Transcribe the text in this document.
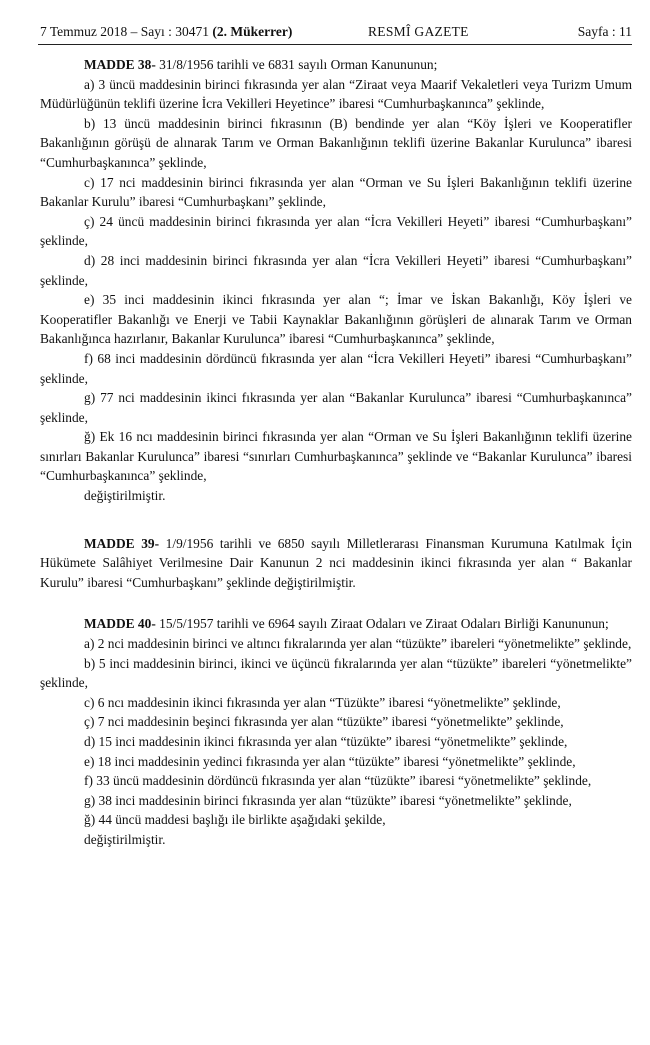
7 Temmuz 2018 – Sayı : 30471 (2. Mükerrer)	RESMÎ GAZETE	Sayfa : 11

MADDE 38- 31/8/1956 tarihli ve 6831 sayılı Orman Kanununun;

a) 3 üncü maddesinin birinci fıkrasında yer alan “Ziraat veya Maarif Vekaletleri veya Turizm Umum Müdürlüğünün teklifi üzerine İcra Vekilleri Heyetince” ibaresi “Cumhurbaşkanınca” şeklinde,

b) 13 üncü maddesinin birinci fıkrasının (B) bendinde yer alan “Köy İşleri ve Kooperatifler Bakanlığının görüşü de alınarak Tarım ve Orman Bakanlığının teklifi üzerine Bakanlar Kurulunca” ibaresi “Cumhurbaşkanınca” şeklinde,

c) 17 nci maddesinin birinci fıkrasında yer alan “Orman ve Su İşleri Bakanlığının teklifi üzerine Bakanlar Kurulu” ibaresi “Cumhurbaşkanı” şeklinde,

ç) 24 üncü maddesinin birinci fıkrasında yer alan “İcra Vekilleri Heyeti” ibaresi “Cumhurbaşkanı” şeklinde,

d) 28 inci maddesinin birinci fıkrasında yer alan “İcra Vekilleri Heyeti” ibaresi “Cumhurbaşkanı” şeklinde,

e) 35 inci maddesinin ikinci fıkrasında yer alan “; İmar ve İskan Bakanlığı, Köy İşleri ve Kooperatifler Bakanlığı ve Enerji ve Tabii Kaynaklar Bakanlığının görüşleri de alınarak Tarım ve Orman Bakanlığınca hazırlanır, Bakanlar Kurulunca” ibaresi “Cumhurbaşkanınca” şeklinde,

f) 68 inci maddesinin dördüncü fıkrasında yer alan “İcra Vekilleri Heyeti” ibaresi “Cumhurbaşkanı” şeklinde,

g) 77 nci maddesinin ikinci fıkrasında yer alan “Bakanlar Kurulunca” ibaresi “Cumhurbaşkanınca” şeklinde,

ğ) Ek 16 ncı maddesinin birinci fıkrasında yer alan “Orman ve Su İşleri Bakanlığının teklifi üzerine sınırları Bakanlar Kurulunca” ibaresi “sınırları Cumhurbaşkanınca” şeklinde ve “Bakanlar Kurulunca” ibaresi “Cumhurbaşkanınca” şeklinde,

değiştirilmiştir.

MADDE 39- 1/9/1956 tarihli ve 6850 sayılı Milletlerarası Finansman Kurumuna Katılmak İçin Hükümete Salâhiyet Verilmesine Dair Kanunun 2 nci maddesinin ikinci fıkrasında yer alan “ Bakanlar Kurulu” ibaresi “Cumhurbaşkanı” şeklinde değiştirilmiştir.

MADDE 40- 15/5/1957 tarihli ve 6964 sayılı Ziraat Odaları ve Ziraat Odaları Birliği Kanununun;

a) 2 nci maddesinin birinci ve altıncı fıkralarında yer alan “tüzükte” ibareleri “yönetmelikte” şeklinde,

b) 5 inci maddesinin birinci, ikinci ve üçüncü fıkralarında yer alan “tüzükte” ibareleri “yönetmelikte” şeklinde,

c) 6 ncı maddesinin ikinci fıkrasında yer alan “Tüzükte” ibaresi “yönetmelikte” şeklinde,

ç) 7 nci maddesinin beşinci fıkrasında yer alan “tüzükte” ibaresi “yönetmelikte” şeklinde,

d) 15 inci maddesinin ikinci fıkrasında yer alan “tüzükte” ibaresi “yönetmelikte” şeklinde,

e) 18 inci maddesinin yedinci fıkrasında yer alan “tüzükte” ibaresi “yönetmelikte” şeklinde,

f) 33 üncü maddesinin dördüncü fıkrasında yer alan “tüzükte” ibaresi “yönetmelikte” şeklinde,

g) 38 inci maddesinin birinci fıkrasında yer alan “tüzükte” ibaresi “yönetmelikte” şeklinde,

ğ) 44 üncü maddesi başlığı ile birlikte aşağıdaki şekilde,

değiştirilmiştir.
